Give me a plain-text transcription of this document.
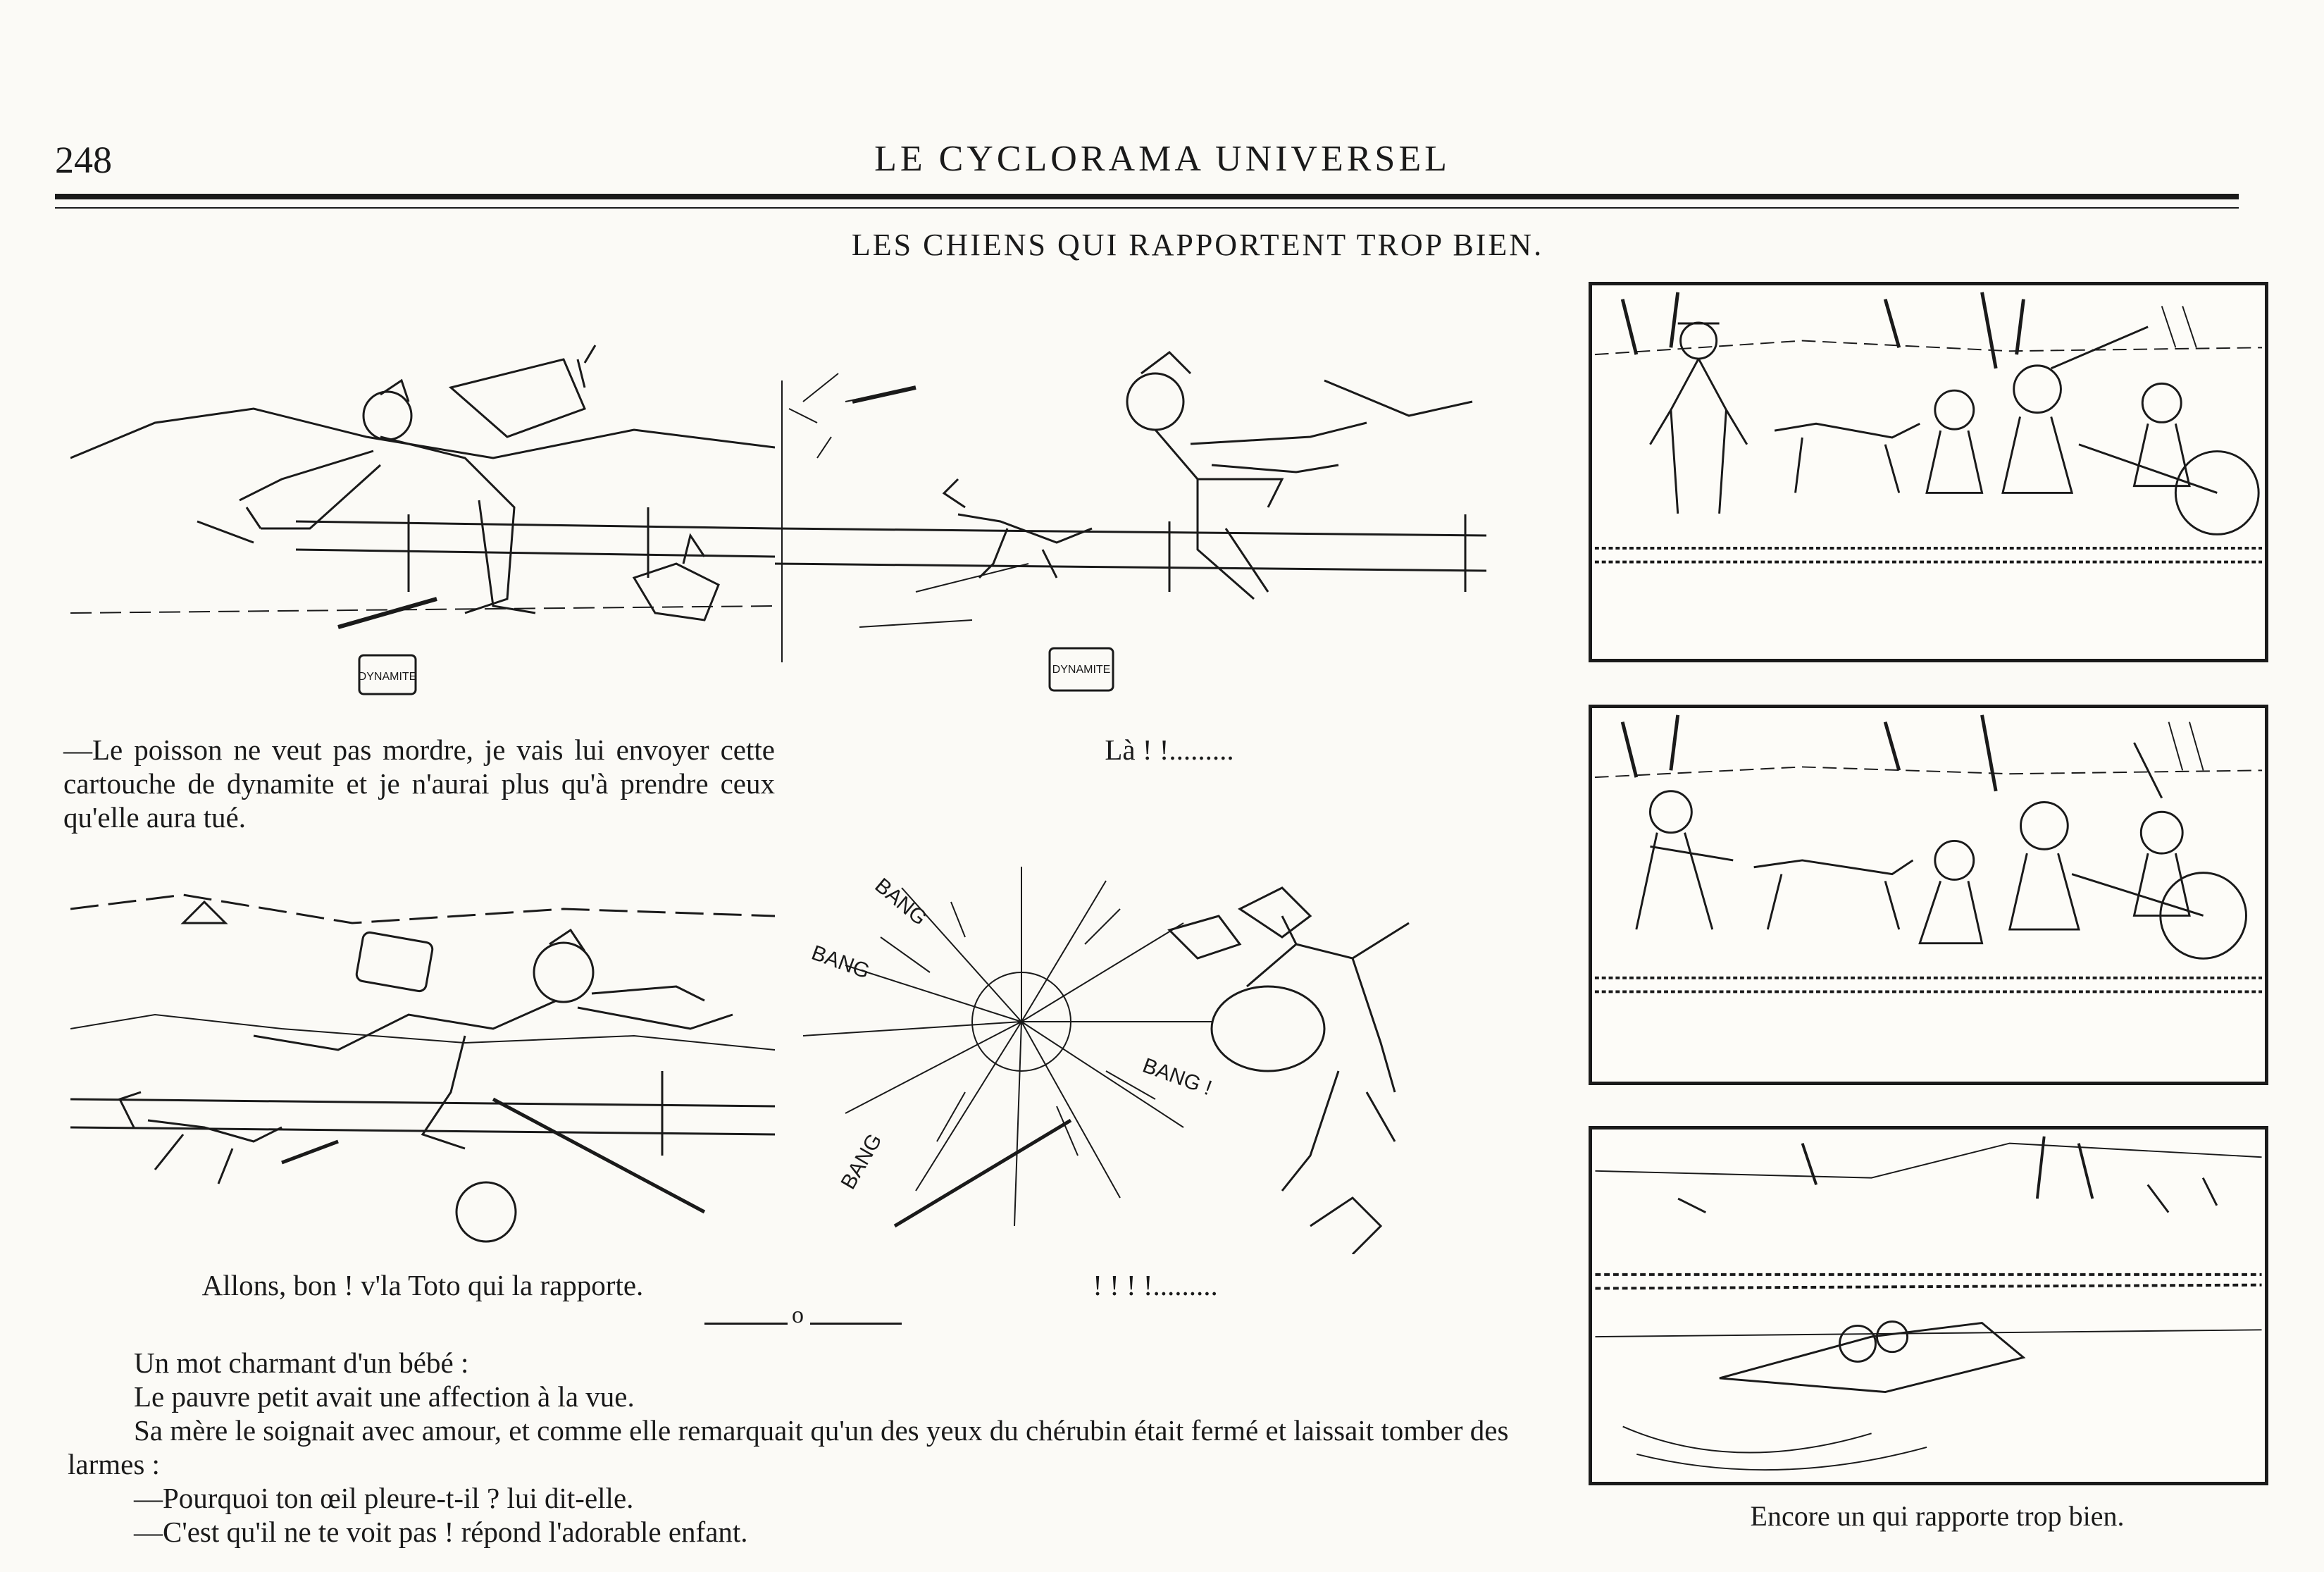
248	LE CYCLORAMA UNIVERSEL
LES CHIENS QUI RAPPORTENT TROP BIEN.
DYNAMITE
DYNAMITE
—Le poisson ne veut pas mordre, je vais lui envoyer cette cartouche de dynamite et je n'aurai plus qu'à prendre ceux qu'elle aura tué.
Là ! !.........
BANG
BANG !
BANG
BANG
Allons, bon ! v'la Toto qui la rapporte.	! ! ! !.........
o

Un mot charmant d'un bébé :

Le pauvre petit avait une affection à la vue.

Sa mère le soignait avec amour, et comme elle remarquait qu'un des yeux du chérubin était fermé et laissait tomber des larmes :

—Pourquoi ton œil pleure-t-il ? lui dit-elle.

—C'est qu'il ne te voit pas ! répond l'adorable enfant.	Encore un qui rapporte trop bien.
